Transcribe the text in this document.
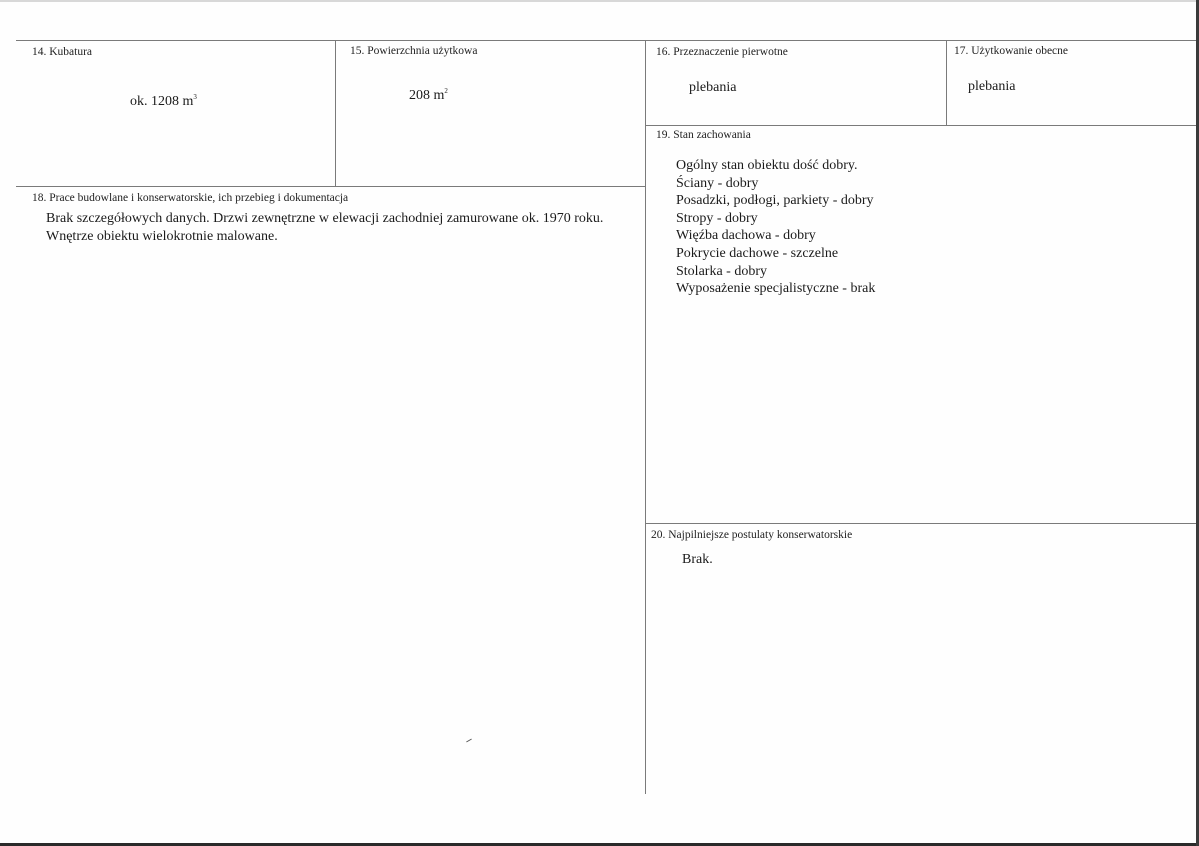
14. Kubatura
ok. 1208 $m^3$
15. Powierzchnia użytkowa
208 $m^2$
16. Przeznaczenie pierwotne
plebania
17. Użytkowanie obecne
plebania
18. Prace budowlane i konserwatorskie, ich przebieg i dokumentacja
Brak szczegółowych danych. Drzwi zewnętrzne w elewacji zachodniej zamurowane ok. 1970 roku. Wnętrze obiektu wielokrotnie malowane.
19. Stan zachowania
Ogólny stan obiektu dość dobry.
Ściany - dobry
Posadzki, podłogi, parkiety - dobry
Stropy - dobry
Więźba dachowa - dobry
Pokrycie dachowe - szczelne
Stolarka - dobry
Wyposażenie specjalistyczne - brak
20. Najpilniejsze postulaty konserwatorskie
Brak.
